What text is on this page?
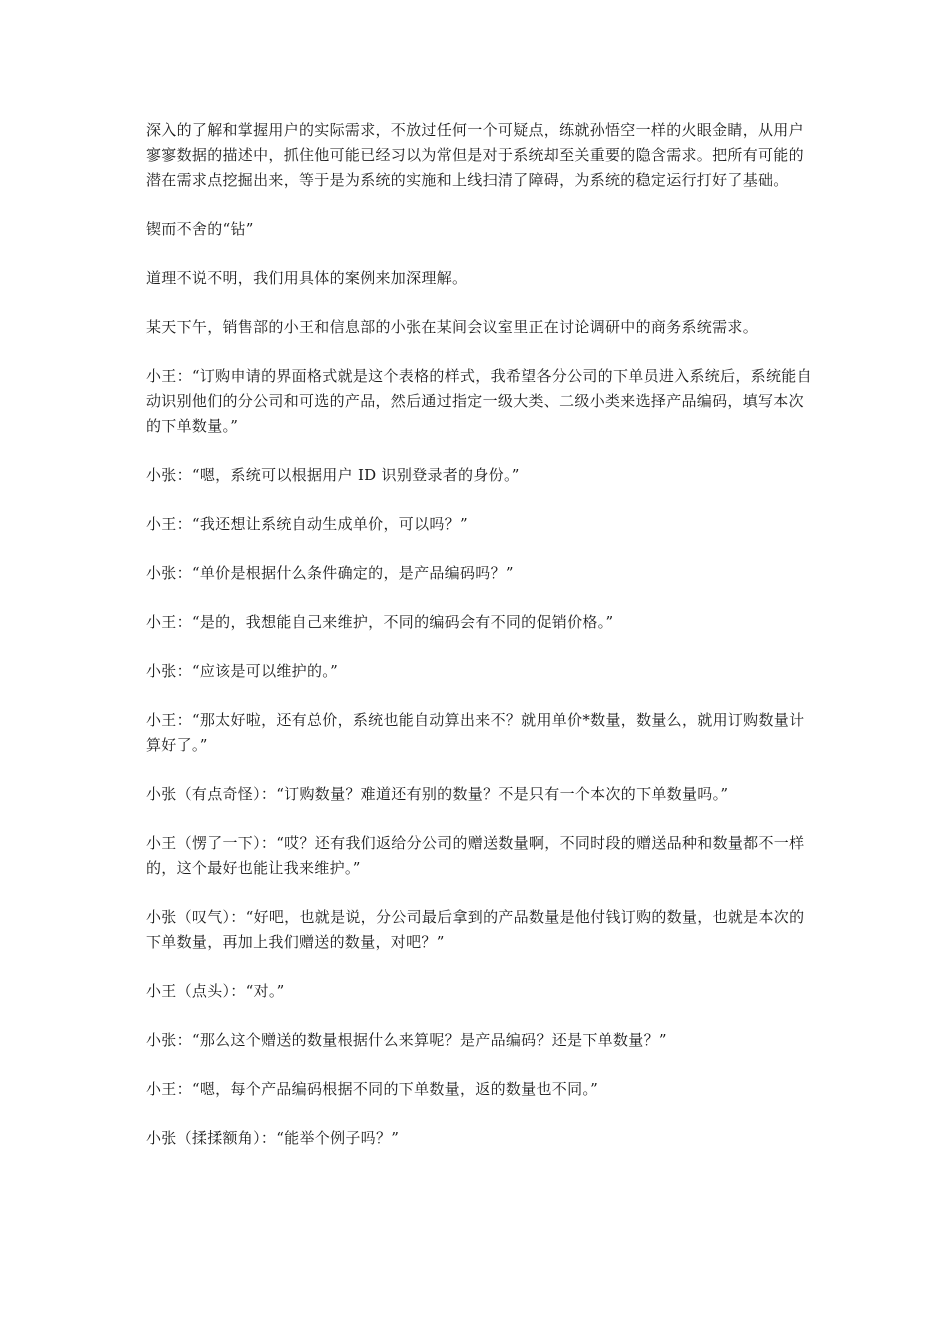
深入的了解和掌握用户的实际需求，不放过任何一个可疑点，练就孙悟空一样的火眼金睛，从用户寥寥数据的描述中，抓住他可能已经习以为常但是对于系统却至关重要的隐含需求。把所有可能的潜在需求点挖掘出来，等于是为系统的实施和上线扫清了障碍，为系统的稳定运行打好了基础。

锲而不舍的“钻”

道理不说不明，我们用具体的案例来加深理解。

某天下午，销售部的小王和信息部的小张在某间会议室里正在讨论调研中的商务系统需求。

小王：“订购申请的界面格式就是这个表格的样式，我希望各分公司的下单员进入系统后，系统能自动识别他们的分公司和可选的产品，然后通过指定一级大类、二级小类来选择产品编码，填写本次的下单数量。”

小张：“嗯，系统可以根据用户 ID 识别登录者的身份。”

小王：“我还想让系统自动生成单价，可以吗？”

小张：“单价是根据什么条件确定的，是产品编码吗？”

小王：“是的，我想能自己来维护，不同的编码会有不同的促销价格。”

小张：“应该是可以维护的。”

小王：“那太好啦，还有总价，系统也能自动算出来不？就用单价*数量，数量么，就用订购数量计算好了。”

小张（有点奇怪）：“订购数量？难道还有别的数量？不是只有一个本次的下单数量吗。”

小王（愣了一下）：“哎？还有我们返给分公司的赠送数量啊，不同时段的赠送品种和数量都不一样的，这个最好也能让我来维护。”

小张（叹气）：“好吧，也就是说，分公司最后拿到的产品数量是他付钱订购的数量，也就是本次的下单数量，再加上我们赠送的数量，对吧？”

小王（点头）：“对。”

小张：“那么这个赠送的数量根据什么来算呢？是产品编码？还是下单数量？”

小王：“嗯，每个产品编码根据不同的下单数量，返的数量也不同。”

小张（揉揉额角）：“能举个例子吗？”
